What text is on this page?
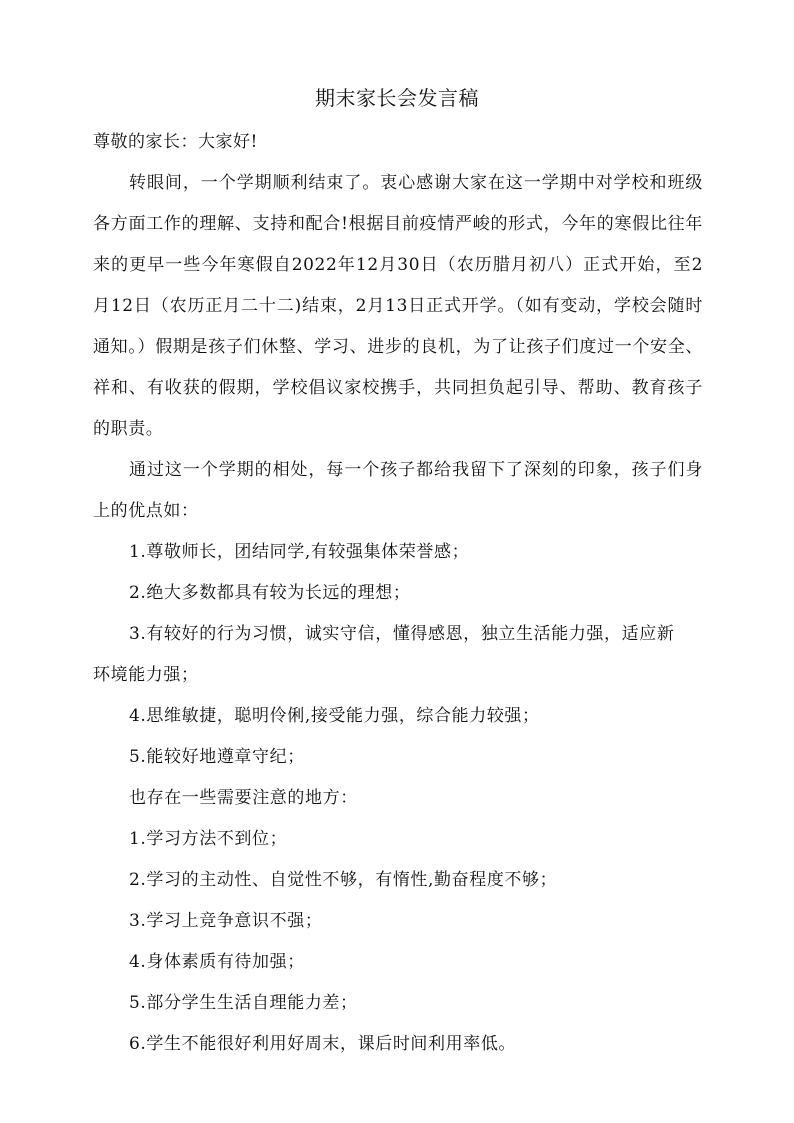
期末家长会发言稿
尊敬的家长：大家好!

转眼间，一个学期顺利结束了。衷心感谢大家在这一学期中对学校和班级各方面工作的理解、支持和配合!根据目前疫情严峻的形式，今年的寒假比往年来的更早一些今年寒假自2022年12月30日（农历腊月初八）正式开始，至2月12日（农历正月二十二)结束，2月13日正式开学。（如有变动，学校会随时通知。）假期是孩子们休整、学习、进步的良机，为了让孩子们度过一个安全、祥和、有收获的假期，学校倡议家校携手，共同担负起引导、帮助、教育孩子的职责。

通过这一个学期的相处，每一个孩子都给我留下了深刻的印象，孩子们身上的优点如：

1.尊敬师长，团结同学,有较强集体荣誉感；

2.绝大多数都具有较为长远的理想；

3.有较好的行为习惯，诚实守信，懂得感恩，独立生活能力强，适应新

环境能力强；

4.思维敏捷，聪明伶俐,接受能力强，综合能力较强；

5.能较好地遵章守纪；

也存在一些需要注意的地方：

1.学习方法不到位；

2.学习的主动性、自觉性不够，有惰性,勤奋程度不够；

3.学习上竞争意识不强；

4.身体素质有待加强；

5.部分学生生活自理能力差；

6.学生不能很好利用好周末，课后时间利用率低。
